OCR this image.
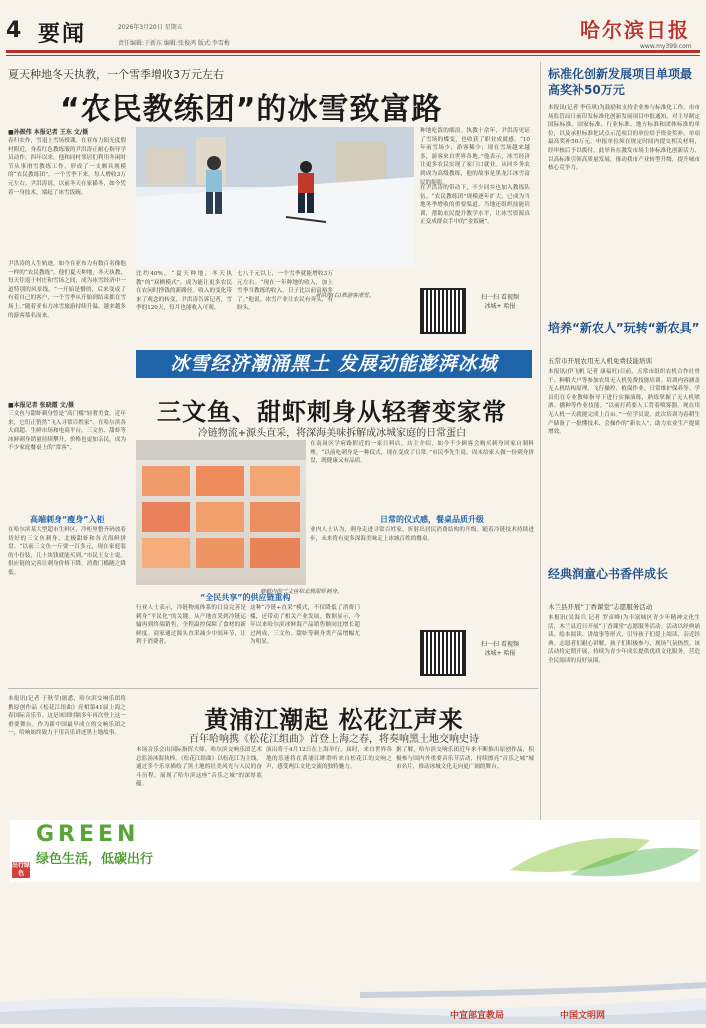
4 要闻	2026年3月20日 星期五
责任编辑:于新东 编辑:张俊鸿 版式:李雪梅
哈尔滨日报
www.my399.com
夏天种地冬天执教，一个雪季增收3万元左右
“农民教练团”的冰雪致富路
■孙振伟 本报记者 王东 文/摄
春归农作，雪退上雪场授课。在亚布力阳光度假村附近，身着红色教练服的尹洪涛正耐心指导学员动作。四年以来，他和同村邻居们利用冬闲时节从事滑雪教练工作，形成了一支颇具规模的“农民教练团”。一个雪季下来，每人增收3万元左右。尹洪涛说，以前冬天在家猫冬，如今凭着一身技术，端起了冰雪饭碗。
尹洪涛的人生轨迹，如今在亚布力有数百名像他一样的“农民教练”。他们夏天种地，冬天执教，每天往返于村庄和雪场之间，成为冰雪经济中一道特别的风景线。“一开始是懵的，后来变成了有着自己的客户，一个雪季从开始到结束都在雪场上。”随着亚布力冰雪旅游持续升温，越来越多的游客慕名而来。
尹洪涛(右)教游客滑雪。
比约40%。“夏天种地，冬天执教”的“双栖模式”，成为能让更多农民在农闲时挣钱的新路径。收入的变化带来了观念的转变，尹洪涛告诉记者，雪季的120天，每月也能收入可观。
七八千元以上，一个雪季就能增收3万元左右。“现在一年种地的收入，加上雪季当教练的收入，日子比以前富裕多了。”他说。冰雪产业让农民有奔头，有盼头。
种地吃饭的细浪。执教十余年，尹洪涛见证了雪场的蝶变，也收获了职业成就感。“10年前雪场少，游客稀少；现在雪场越来越多，游客来自世界各地。”他表示，冰雪经济让更多农民实现了家门口就业。从回乡务农到成为高级教练，他的故事是黑龙江冰雪富民的缩影。
在尹洪涛的带动下，不少同乡也加入教练队伍。“农民教练团”规模逐年扩大，已成为当地冬季增收的重要渠道。当地还组织技能培训，帮助农民提升教学水平，让冰雪资源真正变成群众手中的“金饭碗”。
扫一扫 看视频
冰城+ 哈报
冰雪经济潮涌黑土 发展动能澎湃冰城
■本报记者 张晓霞 文/摄	三文鱼、甜虾刺身从轻奢变家常
冷链物流+源头直采，将深海美味拆解成冰城家庭的日常蛋白
三文鱼与甜虾刺身曾是“高门槛”轻奢美食，近年来，它们正悄然“飞入寻常百姓家”。在哈尔滨各大商超、生鲜市场和电商平台，三文鱼、甜虾等冰鲜刺身销量持续攀升，价格也更加亲民，成为不少家庭餐桌上的“常客”。
高端刺身“瘦身”入柜
在哈尔滨某大型超市生鲜区，冷柜里整齐码放着切好的三文鱼刺身、北极甜虾和各式海鲜拼盘。“以前三文鱼一斤要一百多元，现在家庭装的小份装，几十块钱就能买到。”市民王女士说。供应链的完善让刺身价格下降，消费门槛随之降低。
商超内的三文鱼和北极甜虾刺身。
“全民共享”的供应链重构
行业人士表示，冷链物流体系的日益完善是刺身“平民化”的关键。从产地直采到冷链运输再到终端销售，全程温控保障了食材的新鲜度。商家通过源头直采减少中间环节，让利于消费者。
这种“冷链+直采”模式，不仅降低了消费门槛，还带动了相关产业发展。数据显示，今年以来哈尔滨冰鲜海产品销售额同比增长超过两成，三文鱼、甜虾等刺身类产品增幅尤为明显。
在南岗区学府路附近的一家日料店，店主介绍，如今不少顾客会购买刺身回家自制料理。“以前吃刺身是一种仪式，现在变成了日常。”市民李先生说，周末给家人做一份刺身拼盘，既健康又有品质。
日常的仪式感，餐桌品质升级
业内人士认为，刺身走进寻常百姓家，折射出居民消费结构的升级。随着冷链技术持续进步，未来将有更多深海美味走上冰城百姓的餐桌。
扫一扫 看视频
冰城+ 哈报
本报讯(记者 于秋莹)据悉，哈尔滨交响乐团将携原创作品《松花江组曲》亮相第41届上海之春国际音乐节。这是该团时隔多年再次登上这一重要舞台。作为新中国最早成立的交响乐团之一，哈响始终致力于用音乐讲述黑土地故事。	黄浦江潮起 松花江声来
百年哈响携《松花江组曲》首登上海之春，将奏响黑土地交响史诗
本场音乐会由国际指挥大师、哈尔滨交响乐团艺术总监汤沐海执棒。《松花江组曲》以松花江为主线，通过多个乐章描绘了黑土地的壮美风光与人民的奋斗历程，展现了哈尔滨这座“音乐之城”的深厚底蕴。
演出将于4月12日在上海举行。届时，来自世界各地的乐迷将在黄浦江畔聆听来自松花江的交响之声，感受两江文化交流的独特魅力。
据了解，哈尔滨交响乐团近年来不断推出原创作品，积极参与国内外重要音乐节活动，持续擦亮“音乐之城”城市名片，推动冰城文化走向更广阔的舞台。
标准化创新发展项目单项最高奖补50万元
本报讯(记者 李佳琪)为鼓励和支持企业参与标准化工作，市市场监管局日前印发标准化创新发展项目申报通知。对主导制定国际标准、国家标准、行业标准、地方标准和团体标准的单位，以及承担标准化试点示范项目的单位给予资金奖补，单项最高奖补50万元。申报单位须在规定时间内提交相关材料，经审核后予以拨付。此举旨在激发市场主体标准化创新活力，以高标准引领高质量发展，推动我市产业转型升级，提升城市核心竞争力。
培养“新农人”玩转“新农具”
五常市开展农用无人机免费技能培训
本报讯(伊飞帆 记者 康福旺)日前，五常市组织农机合作社骨干、种粮大户等参加农用无人机免费技能培训。培训内容涵盖无人机结构原理、飞行操控、植保作业、日常维护保养等。学员们在专业教师指导下进行实操演练，熟练掌握了无人机喷洒、播种等作业技能。“以前打药要人工背着喷雾器，现在用无人机一天就能完成上百亩。”一位学员说。此次培训为春耕生产储备了一批懂技术、会操作的“新农人”，助力农业生产提质增效。
经典润童心书香伴成长
木兰县开展“丁香课堂”志愿服务活动
本报讯(吴海兵 记者 罗彦峰)为丰富城区青少年精神文化生活，木兰县近日开展“丁香课堂”志愿服务活动。活动以经典诵读、绘本阅读、讲故事等形式，引导孩子们爱上阅读、亲近经典。志愿者们耐心讲解，孩子们积极参与，现场气氛热烈。该活动将定期开展，持续为青少年成长提供优质文化服务，营造全民阅读的良好氛围。
GREEN
绿色生活，低碳出行
出行绿色
中宣部宣教局	中国文明网
